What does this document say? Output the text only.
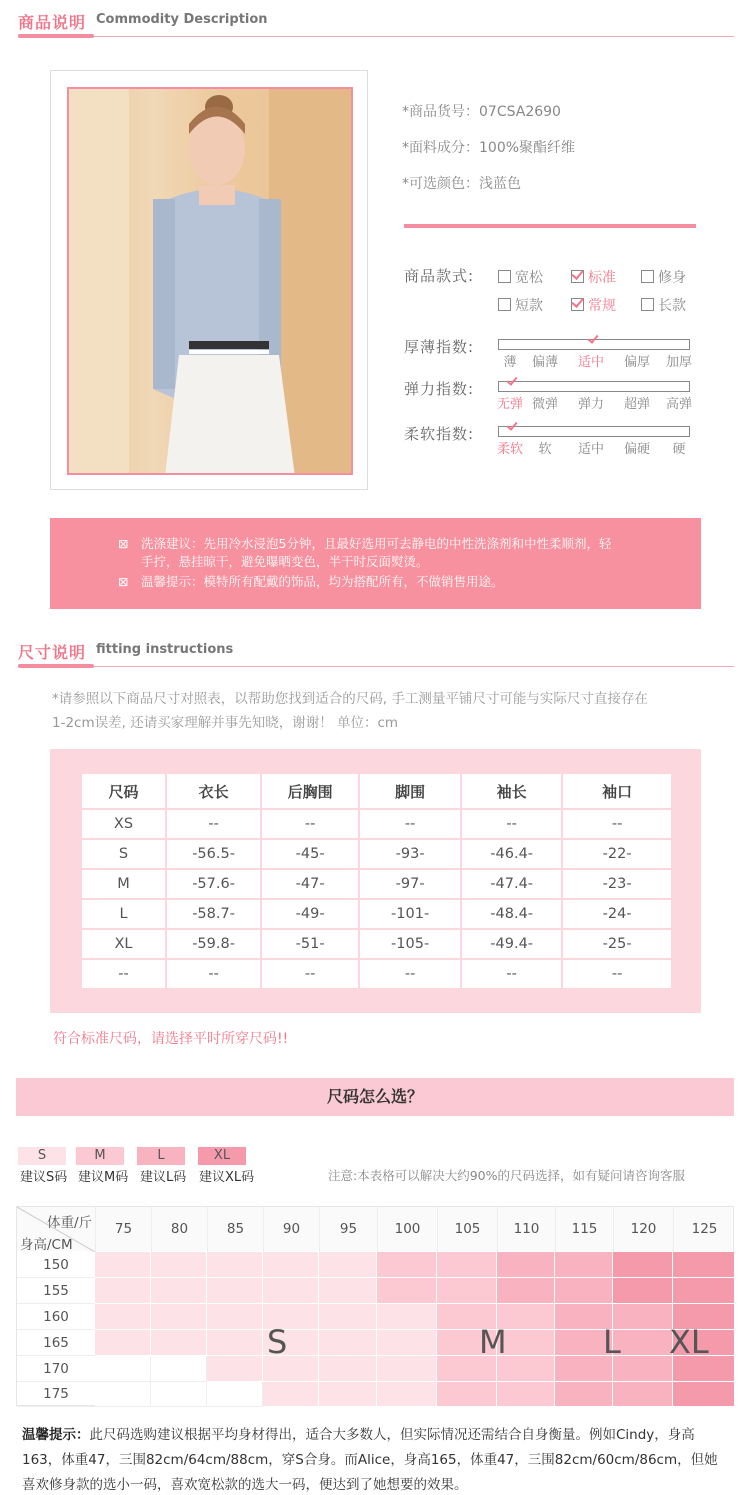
商品说明 Commodity Description
*商品货号：07CSA2690
*面料成分：100%聚酯纤维
*可选颜色：浅蓝色
商品款式:	宽松	标准	修身
短款	常规	长款
厚薄指数:
薄 偏薄 适中 偏厚 加厚
弹力指数:
无弹 微弹 弹力 超弹 高弹
柔软指数:
柔软 软 适中 偏硬 硬
⊠ 洗涤建议：先用冷水浸泡5分钟，且最好选用可去静电的中性洗涤剂和中性柔顺剂，轻
手拧，悬挂晾干，避免曝晒变色，半干时反面熨烫。
⊠ 温馨提示：模特所有配戴的饰品，均为搭配所有，不做销售用途。
尺寸说明 fitting instructions
*请参照以下商品尺寸对照表，以帮助您找到适合的尺码, 手工测量平铺尺寸可能与实际尺寸直接存在
1-2cm误差, 还请买家理解并事先知晓，谢谢！ 单位：cm
尺码	衣长	后胸围	脚围	袖长	袖口
XS	--	--	--	--	--
S	-56.5-	-45-	-93-	-46.4-	-22-
M	-57.6-	-47-	-97-	-47.4-	-23-
L	-58.7-	-49-	-101-	-48.4-	-24-
XL	-59.8-	-51-	-105-	-49.4-	-25-
--	--	--	--	--	--
符合标准尺码，请选择平时所穿尺码!!
尺码怎么选？
S
建议S码
M
建议M码
L
建议L码
XL
建议XL码	注意:本表格可以解决大约90%的尺码选择，如有疑问请咨询客服
体重/斤
身高/CM
75	80	85	90	95	100	105	110	115	120	125
150
155
160
165
170
175
S	M	L XL
温馨提示：此尺码选购建议根据平均身材得出，适合大多数人，但实际情况还需结合自身衡量。例如Cindy，身高163，体重47，三围82cm/64cm/88cm，穿S合身。而Alice，身高165，体重47，三围82cm/60cm/86cm，但她喜欢修身款的选小一码，喜欢宽松款的选大一码，便达到了她想要的效果。
